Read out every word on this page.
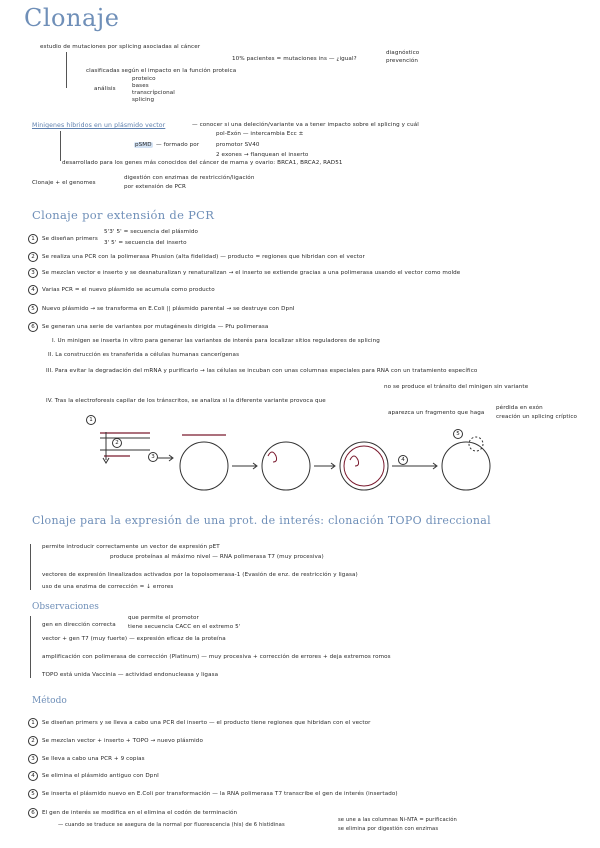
Clonaje
estudio de mutaciones por splicing asociadas al cáncer
10% pacientes = mutaciones ins — ¿igual?
diagnóstico
prevención
clasificadas según el impacto en la función proteica
análisis
proteico
bases
transcrípcional
splicing
Minigenes híbridos en un plásmido vector	— conocer si una deleción/variante va a tener impacto sobre el splicing y cuál
pol-Exón — intercambia Ecc ±
pSMD — formado por	promotor SV40
2 exones → flanquean el inserto
desarrollado para los genes más conocidos del cáncer de mama y ovario: BRCA1, BRCA2, RAD51
Clonaje + el genomes
digestión con enzimas de restricción/ligación
por extensión de PCR
Clonaje por extensión de PCR
1	Se diseñan primers
5'3' 5' = secuencia del plásmido
3' 5' = secuencia del inserto
2	Se realiza una PCR con la polimerasa Phusion (alta fidelidad) — producto = regiones que hibridan con el vector
3	Se mezclan vector e inserto y se desnaturalizan y renaturalizan → el inserto se extiende gracias a una polimerasa usando el vector como molde
4	Varias PCR = el nuevo plásmido se acumula como producto
5	Nuevo plásmido → se transforma en E.Coli || plásmido parental → se destruye con DpnI
6	Se generan una serie de variantes por mutagénesis dirigida — Pfu polimerasa
I. Un minigen se inserta in vitro para generar las variantes de interés para localizar sitios reguladores de splicing
II. La construcción es transferida a células humanas cancerígenas
III. Para evitar la degradación del mRNA y purificarlo → las células se incuban con unas columnas especiales para RNA con un tratamiento específico
IV. Tras la electroforesis capilar de los tránscritos, se analiza si la diferente variante provoca que
no se produce el tránsito del minigen sin variante
aparezca un fragmento que haga
pérdida en exón
creación un splicing críptico
1
2
3	4
5
Clonaje para la expresión de una prot. de interés: clonación TOPO direccional
permite introducir correctamente un vector de expresión pET
produce proteínas al máximo nivel — RNA polimerasa T7 (muy procesiva)
vectores de expresión linealizados activados por la topoisomerasa-1 (Evasión de enz. de restricción y ligasa)
uso de una enzima de corrección = ↓ errores
Observaciones
gen en dirección correcta
que permite el promotor
tiene secuencia CACC en el extremo 5'
vector + gen T7 (muy fuerte) — expresión eficaz de la proteína
amplificación con polimerasa de corrección (Platinum) — muy procesiva + corrección de errores + deja extremos romos
TOPO está unida Vaccinia — actividad endonucleasa y ligasa
Método
1	Se diseñan primers y se lleva a cabo una PCR del inserto — el producto tiene regiones que hibridan con el vector
2	Se mezclan vector + inserto + TOPO → nuevo plásmido
3	Se lleva a cabo una PCR + 9 copias
4	Se elimina el plásmido antiguo con DpnI
5	Se inserta el plásmido nuevo en E.Coli por transformación — la RNA polimerasa T7 transcribe el gen de interés (insertado)
6	El gen de interés se modifica en el elimina el codón de terminación
— cuando se traduce se asegura de la normal por fluorescencia (his) de 6 histidinas
se une a las columnas Ni-NTA = purificación
se elimina por digestión con enzimas
